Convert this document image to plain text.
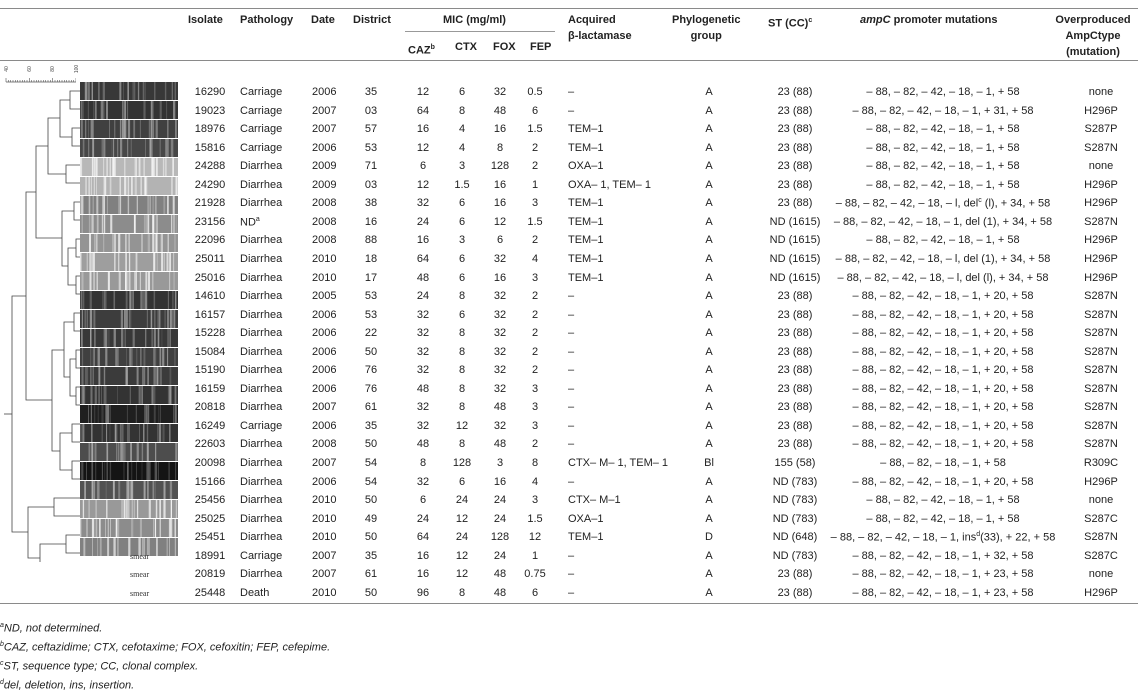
Isolate Pathology Date District	MIC (mg/ml)
CAZ$^b$ CTX FOX FEP
Acquired
β-lactamase
Phylogenetic
group
ST (CC)$^c$	ampC promoter mutations	Overproduced
AmpCtype
(mutation)
40	60	80	100
16290	Carriage	2006	35	12	6	32	0.5	–	A	23 (88)	– 88, – 82, – 42, – 18, – 1, + 58	none
19023	Carriage	2007	03	64	8	48	6	–	A	23 (88)	– 88, – 82, – 42, – 18, – 1, + 31, + 58	H296P
18976	Carriage	2007	57	16	4	16	1.5	TEM–1	A	23 (88)	– 88, – 82, – 42, – 18, – 1, + 58	S287P
15816	Carriage	2006	53	12	4	8	2	TEM–1	A	23 (88)	– 88, – 82, – 42, – 18, – 1, + 58	S287N
24288	Diarrhea	2009	71	6	3	128	2	OXA–1	A	23 (88)	– 88, – 82, – 42, – 18, – 1, + 58	none
24290	Diarrhea	2009	03	12	1.5	16	1	OXA– 1, TEM– 1	A	23 (88)	– 88, – 82, – 42, – 18, – 1, + 58	H296P
21928	Diarrhea	2008	38	32	6	16	3	TEM–1	A	23 (88)	– 88, – 82, – 42, – 18, – l, del$^c$ (l), + 34, + 58	H296P
23156	$ND^a$	2008	16	24	6	12	1.5	TEM–1	A	ND (1615)	– 88, – 82, – 42, – 18, – 1, del (1), + 34, + 58	S287N
22096	Diarrhea	2008	88	16	3	6	2	TEM–1	A	ND (1615)	– 88, – 82, – 42, – 18, – 1, + 58	H296P
25011	Diarrhea	2010	18	64	6	32	4	TEM–1	A	ND (1615)	– 88, – 82, – 42, – 18, – l, del (1), + 34, + 58	H296P
25016	Diarrhea	2010	17	48	6	16	3	TEM–1	A	ND (1615)	– 88, – 82, – 42, – 18, – l, del (l), + 34, + 58	H296P
14610	Diarrhea	2005	53	24	8	32	2	–	A	23 (88)	– 88, – 82, – 42, – 18, – 1, + 20, + 58	S287N
16157	Diarrhea	2006	53	32	6	32	2	–	A	23 (88)	– 88, – 82, – 42, – 18, – 1, + 20, + 58	S287N
15228	Diarrhea	2006	22	32	8	32	2	–	A	23 (88)	– 88, – 82, – 42, – 18, – 1, + 20, + 58	S287N
15084	Diarrhea	2006	50	32	8	32	2	–	A	23 (88)	– 88, – 82, – 42, – 18, – 1, + 20, + 58	S287N
15190	Diarrhea	2006	76	32	8	32	2	–	A	23 (88)	– 88, – 82, – 42, – 18, – 1, + 20, + 58	S287N
16159	Diarrhea	2006	76	48	8	32	3	–	A	23 (88)	– 88, – 82, – 42, – 18, – 1, + 20, + 58	S287N
20818	Diarrhea	2007	61	32	8	48	3	–	A	23 (88)	– 88, – 82, – 42, – 18, – 1, + 20, + 58	S287N
16249	Carriage	2006	35	32	12	32	3	–	A	23 (88)	– 88, – 82, – 42, – 18, – 1, + 20, + 58	S287N
22603	Diarrhea	2008	50	48	8	48	2	–	A	23 (88)	– 88, – 82, – 42, – 18, – 1, + 20, + 58	S287N
20098	Diarrhea	2007	54	8	128	3	8	CTX– M– 1, TEM– 1	Bl	155 (58)	– 88, – 82, – 18, – 1, + 58	R309C
15166	Diarrhea	2006	54	32	6	16	4	–	A	ND (783)	– 88, – 82, – 42, – 18, – 1, + 20, + 58	H296P
25456	Diarrhea	2010	50	6	24	24	3	CTX– M–1	A	ND (783)	– 88, – 82, – 42, – 18, – 1, + 58	none
25025	Diarrhea	2010	49	24	12	24	1.5	OXA–1	A	ND (783)	– 88, – 82, – 42, – 18, – 1, + 58	S287C
25451	Diarrhea	2010	50	64	24	128	12	TEM–1	D	ND (648)	– 88, – 82, – 42, – 18, – 1, ins$^d$(33), + 22, + 58	S287N
18991	Carriage	2007	35	16	12	24	1	–	A	ND (783)	– 88, – 82, – 42, – 18, – 1, + 32, + 58	S287C
20819	Diarrhea	2007	61	16	12	48	0.75	–	A	23 (88)	– 88, – 82, – 42, – 18, – 1, + 23, + 58	none
25448	Death	2010	50	96	8	48	6	–	A	23 (88)	– 88, – 82, – 42, – 18, – 1, + 23, + 58	H296P
$^a$ND, not determined.
$^b$CAZ, ceftazidime; CTX, cefotaxime; FOX, cefoxitin; FEP, cefepime.
$^c$ST, sequence type; CC, clonal complex.
$^d$del, deletion, ins, insertion.
smear
smear
smear
